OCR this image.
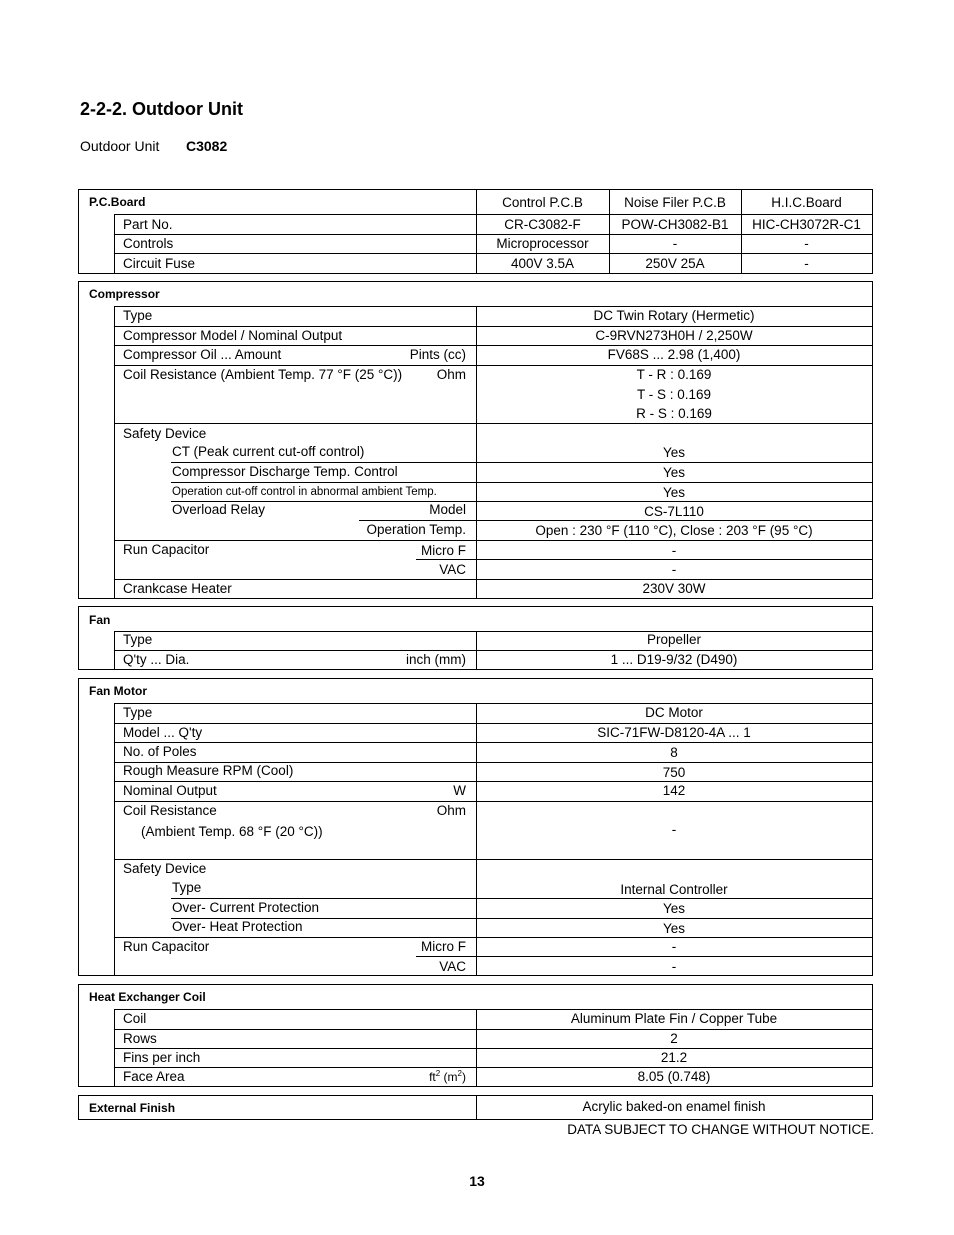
2-2-2. Outdoor Unit
Outdoor Unit C3082
P.C.Board	Control P.C.B	Noise Filer P.C.B	H.I.C.Board
Part No.	CR-C3082-F	POW-CH3082-B1	HIC-CH3072R-C1
Controls	Microprocessor	-	-
Circuit Fuse	400V 3.5A	250V 25A	-
Compressor
Type	DC Twin Rotary (Hermetic)
Compressor Model / Nominal Output	C-9RVN273H0H / 2,250W
Compressor Oil ... Amount	Pints (cc)	FV68S ... 2.98 (1,400)
Coil Resistance (Ambient Temp. 77 °F (25 °C))	Ohm	T - R : 0.169
T - S : 0.169
R - S : 0.169
Safety Device
CT (Peak current cut-off control)	Yes
Compressor Discharge Temp. Control	Yes
Operation cut-off control in abnormal ambient Temp.	Yes
Overload Relay	Model	CS-7L110
Operation Temp.	Open : 230 °F (110 °C), Close : 203 °F (95 °C)
Run Capacitor	Micro F	-
VAC	-
Crankcase Heater	230V 30W
Fan
Type	Propeller
Q'ty ... Dia.	inch (mm)	1 ... D19-9/32 (D490)
Fan Motor
Type	DC Motor
Model ... Q'ty	SIC-71FW-D8120-4A ... 1
No. of Poles	8
Rough Measure RPM (Cool)	750
Nominal Output	W	142
Coil Resistance	Ohm
(Ambient Temp. 68 °F (20 °C))	-
Safety Device
Type	Internal Controller
Over- Current Protection	Yes
Over- Heat Protection	Yes
Run Capacitor	Micro F	-
VAC	-
Heat Exchanger Coil
Coil	Aluminum Plate Fin / Copper Tube
Rows	2
Fins per inch	21.2
Face Area	$ft^2$ $(m^2)$	8.05 (0.748)
External Finish	Acrylic baked-on enamel finish
DATA SUBJECT TO CHANGE WITHOUT NOTICE.
13
